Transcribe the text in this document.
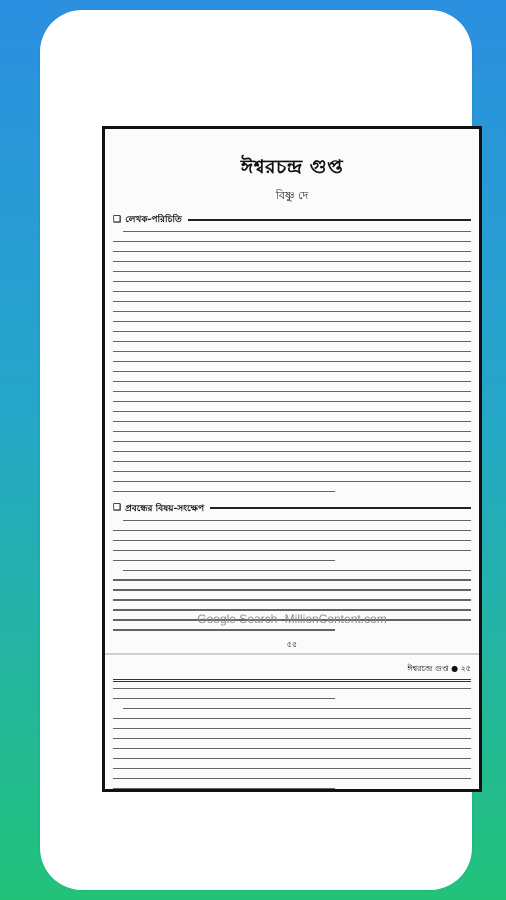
ঈশ্বরচন্দ্র গুপ্ত
বিষ্ণু দে
❑ লেখক-পরিচিতি
❑ প্রবন্ধের বিষয়-সংক্ষেপ
৫৫
Google Search- MillionContent.com
ঈশ্বরচন্দ্র গুপ্ত ● ২৫
